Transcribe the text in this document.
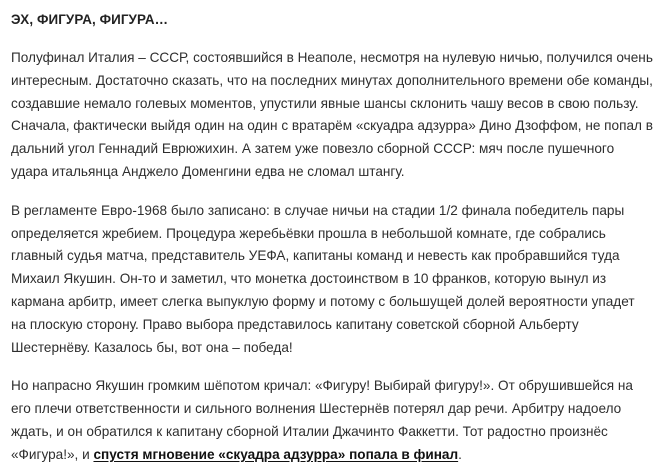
ЭХ, ФИГУРА, ФИГУРА…

Полуфинал Италия – СССР, состоявшийся в Неаполе, несмотря на нулевую ничью, получился очень интересным. Достаточно сказать, что на последних минутах дополнительного времени обе команды, создавшие немало голевых моментов, упустили явные шансы склонить чашу весов в свою пользу. Сначала, фактически выйдя один на один с вратарём «скуадра адзурра» Дино Дзоффом, не попал в дальний угол Геннадий Еврюжихин. А затем уже повезло сборной СССР: мяч после пушечного удара итальянца Анджело Доменгини едва не сломал штангу.

В регламенте Евро-1968 было записано: в случае ничьи на стадии 1/2 финала победитель пары определяется жребием. Процедура жеребьёвки прошла в небольшой комнате, где собрались главный судья матча, представитель УЕФА, капитаны команд и невесть как пробравшийся туда Михаил Якушин. Он-то и заметил, что монетка достоинством в 10 франков, которую вынул из кармана арбитр, имеет слегка выпуклую форму и потому с большущей долей вероятности упадет на плоскую сторону. Право выбора представилось капитану советской сборной Альберту Шестернёву. Казалось бы, вот она – победа!

Но напрасно Якушин громким шёпотом кричал: «Фигуру! Выбирай фигуру!». От обрушившейся на его плечи ответственности и сильного волнения Шестернёв потерял дар речи. Арбитру надоело ждать, и он обратился к капитану сборной Италии Джачинто Факкетти. Тот радостно произнёс «Фигура!», и спустя мгновение «скуадра адзурра» попала в финал.
